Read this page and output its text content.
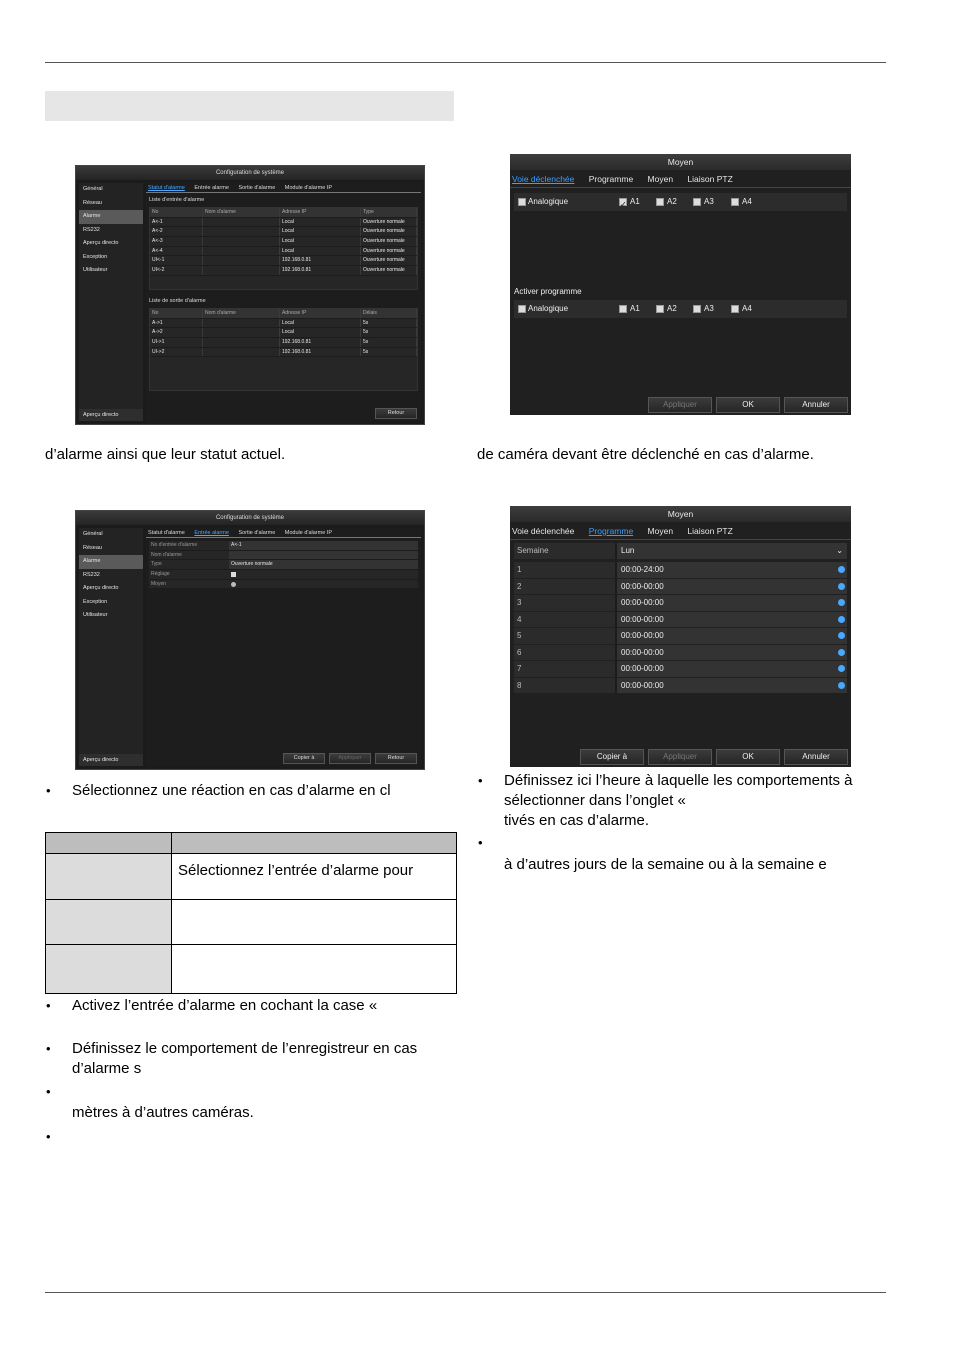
Configuration de système
Général
Réseau
Alarme
RS232
Aperçu directo
Exception
Utilisateur
Aperçu directo
Statut d'alarme Entrée alarme Sortie d'alarme Module d'alarme IP
Liste d'entrée d'alarme
No	Nom d'alarme	Adresse IP	Type
A<-1	Local	Ouverture normale
A<-2	Local	Ouverture normale
A<-3	Local	Ouverture normale
A<-4	Local	Ouverture normale
UI<-1	192.168.0.81	Ouverture normale
UI<-2	192.168.0.81	Ouverture normale
Liste de sortie d'alarme
No	Nom d'alarme	Adresse IP	Délais
A->1	Local	5s
A->2	Local	5s
UI->1	192.168.0.81	5s
UI->2	192.168.0.81	5s
Retour
Configuration de système
Général
Réseau
Alarme
RS232
Aperçu directo
Exception
Utilisateur
Aperçu directo
Statut d'alarme Entrée alarme Sortie d'alarme Module d'alarme IP
No d'entrée d'alarme	A<-1
Nom d'alarme
Type	Ouverture normale
Réglage
Moyen
Copier à	Appliquer	Retour
Moyen
Voie déclenchée Programme Moyen Liaison PTZ
Analogique
✓	A1	A2	A3	A4
Activer programme
Analogique	A1	A2	A3	A4
Appliquer	OK	Annuler
Moyen
Voie déclenchée Programme Moyen Liaison PTZ
Semaine	Lun	⌄
1	00:00-24:00
2	00:00-00:00
3	00:00-00:00
4	00:00-00:00
5	00:00-00:00
6	00:00-00:00
7	00:00-00:00
8	00:00-00:00
Copier à	Appliquer	OK	Annuler
d’alarme ainsi que leur statut actuel.	de caméra devant être déclenché en cas d’alarme.
• Sélectionnez une réaction en cas d’alarme en cl

	Sélectionnez l’entrée d’alarme pour

• Activez l’entrée d’alarme en cochant la case «
• Définissez le comportement de l’enregistreur en cas
d’alarme s
•
mètres à d’autres caméras.
•
• Définissez ici l’heure à laquelle les comportements à
sélectionner dans l’onglet «
tivés en cas d’alarme.
•
à d’autres jours de la semaine ou à la semaine e
